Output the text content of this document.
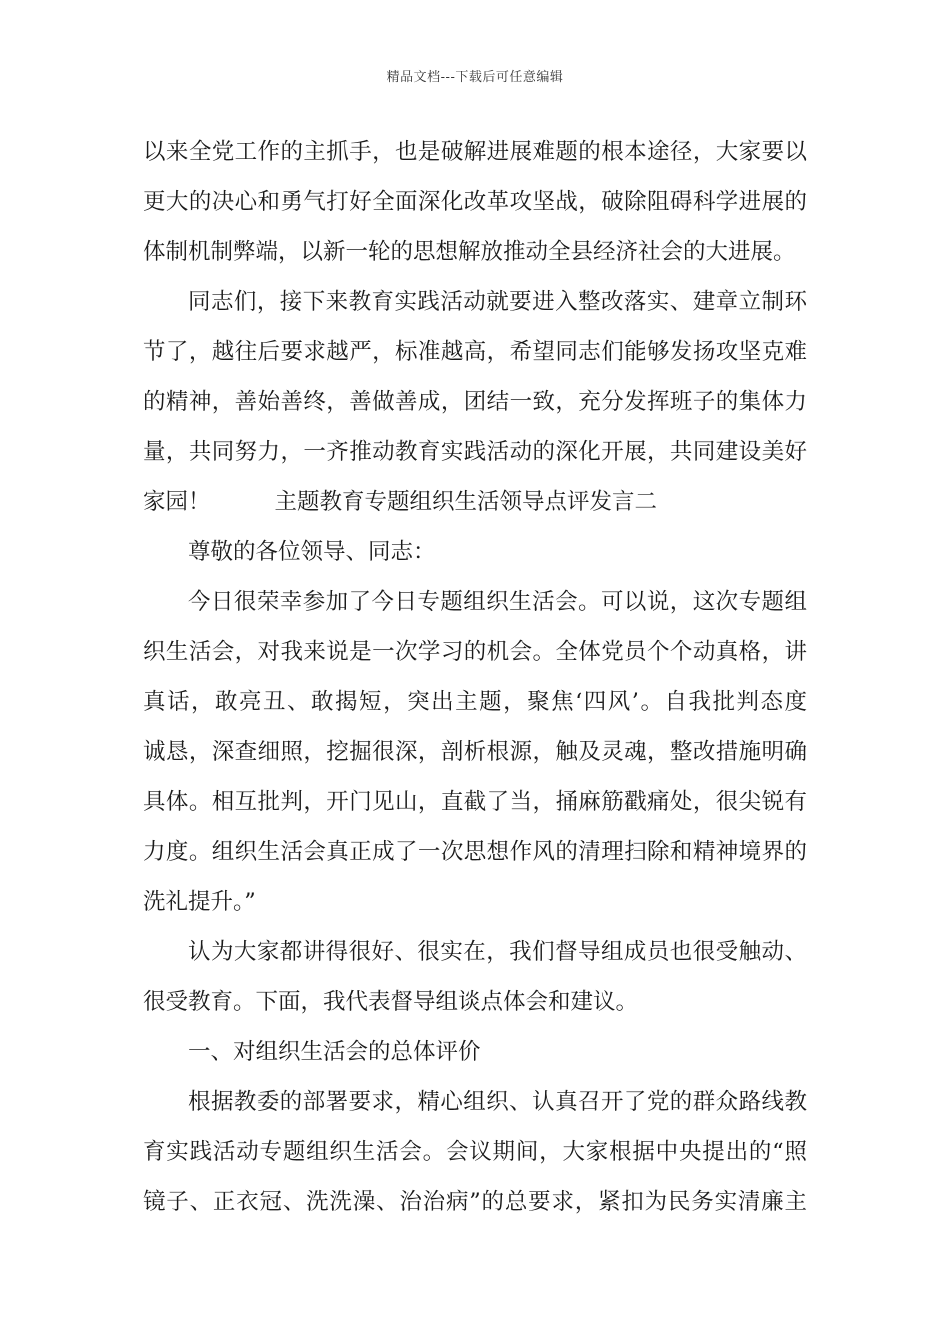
精品文档---下载后可任意编辑
以来全党工作的主抓手，也是破解进展难题的根本途径，大家要以
更大的决心和勇气打好全面深化改革攻坚战，破除阻碍科学进展的
体制机制弊端，以新一轮的思想解放推动全县经济社会的大进展。
同志们，接下来教育实践活动就要进入整改落实、建章立制环
节了，越往后要求越严，标准越高，希望同志们能够发扬攻坚克难
的精神，善始善终，善做善成，团结一致，充分发挥班子的集体力
量，共同努力，一齐推动教育实践活动的深化开展，共同建设美好
家园！	主题教育专题组织生活领导点评发言二
尊敬的各位领导、同志：
今日很荣幸参加了今日专题组织生活会。可以说，这次专题组
织生活会，对我来说是一次学习的机会。全体党员个个动真格，讲
真话，敢亮丑、敢揭短，突出主题，聚焦‘四风’。自我批判态度
诚恳，深查细照，挖掘很深，剖析根源，触及灵魂，整改措施明确
具体。相互批判，开门见山，直截了当，捅麻筋戳痛处，很尖锐有
力度。组织生活会真正成了一次思想作风的清理扫除和精神境界的
洗礼提升。”
认为大家都讲得很好、很实在，我们督导组成员也很受触动、
很受教育。下面，我代表督导组谈点体会和建议。
一、对组织生活会的总体评价
根据教委的部署要求，精心组织、认真召开了党的群众路线教
育实践活动专题组织生活会。会议期间，大家根据中央提出的“照
镜子、正衣冠、洗洗澡、治治病”的总要求，紧扣为民务实清廉主
